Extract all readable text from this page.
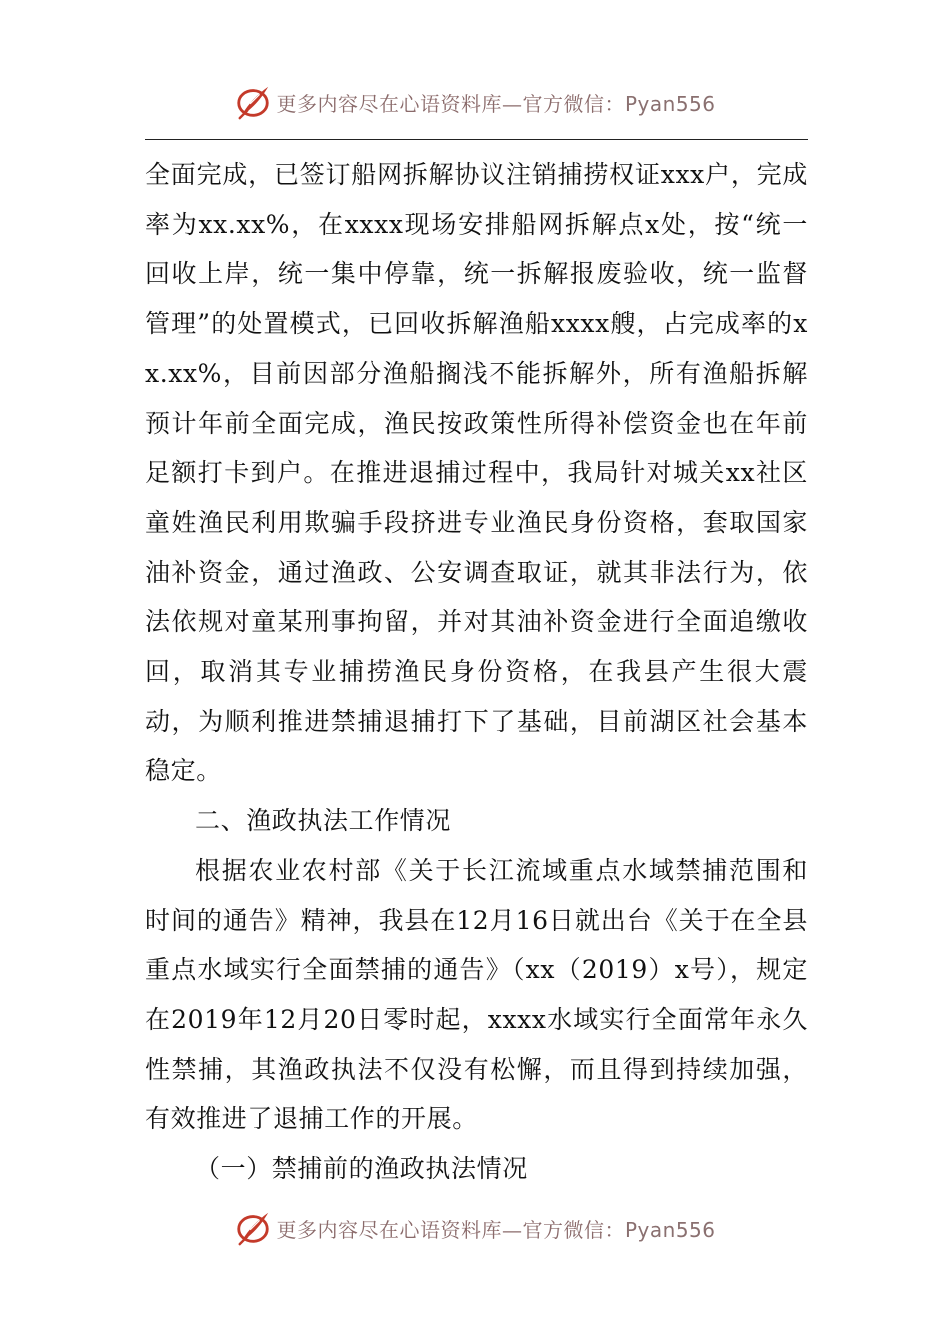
更多内容尽在心语资料库—官方微信：Pyan556

全面完成，已签订船网拆解协议注销捕捞权证xxx户，完成率为xx.xx%，在xxxx现场安排船网拆解点x处，按“统一回收上岸，统一集中停靠，统一拆解报废验收，统一监督管理”的处置模式，已回收拆解渔船xxxx艘，占完成率的xx.xx%，目前因部分渔船搁浅不能拆解外，所有渔船拆解预计年前全面完成，渔民按政策性所得补偿资金也在年前足额打卡到户。在推进退捕过程中，我局针对城关xx社区童姓渔民利用欺骗手段挤进专业渔民身份资格，套取国家油补资金，通过渔政、公安调查取证，就其非法行为，依法依规对童某刑事拘留，并对其油补资金进行全面追缴收回，取消其专业捕捞渔民身份资格，在我县产生很大震动，为顺利推进禁捕退捕打下了基础，目前湖区社会基本稳定。

二、渔政执法工作情况

根据农业农村部《关于长江流域重点水域禁捕范围和时间的通告》精神，我县在12月16日就出台《关于在全县重点水域实行全面禁捕的通告》（xx（2019）x号），规定在2019年12月20日零时起，xxxx水域实行全面常年永久性禁捕，其渔政执法不仅没有松懈，而且得到持续加强，有效推进了退捕工作的开展。

（一）禁捕前的渔政执法情况

更多内容尽在心语资料库—官方微信：Pyan556
